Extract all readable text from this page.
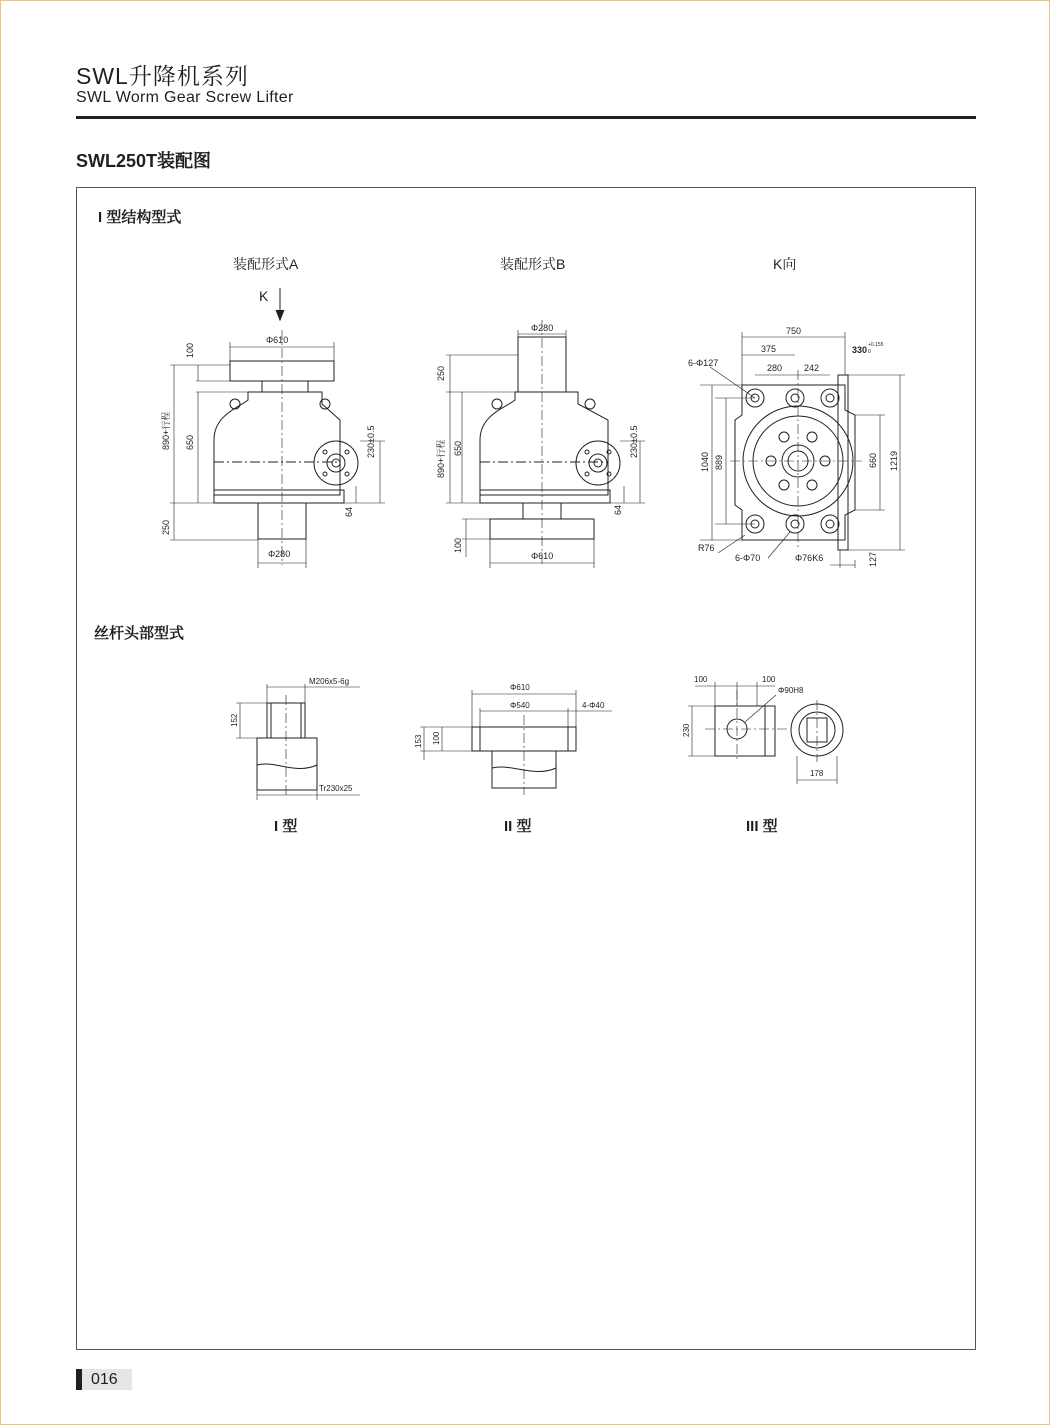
SWL升降机系列
SWL Worm Gear Screw Lifter
SWL250T装配图
I 型结构型式
装配形式A	装配形式B	K向
K
丝杆头部型式
I 型	II 型	III 型
Φ610
100
890+行程 650	230±0.5
64
250
Φ280
Φ280
250
890+行程 650	230±0.5
64
100
Φ610
750
375	330 +0.155
0
6-Φ127	280 242
1040 889	660 1219
R76
6-Φ70	Φ76K6	127
M206x5-6g
152
Tr230x25
Φ610
Φ540	4-Φ40
153 100
100	100
Φ90H8
230
178
016
